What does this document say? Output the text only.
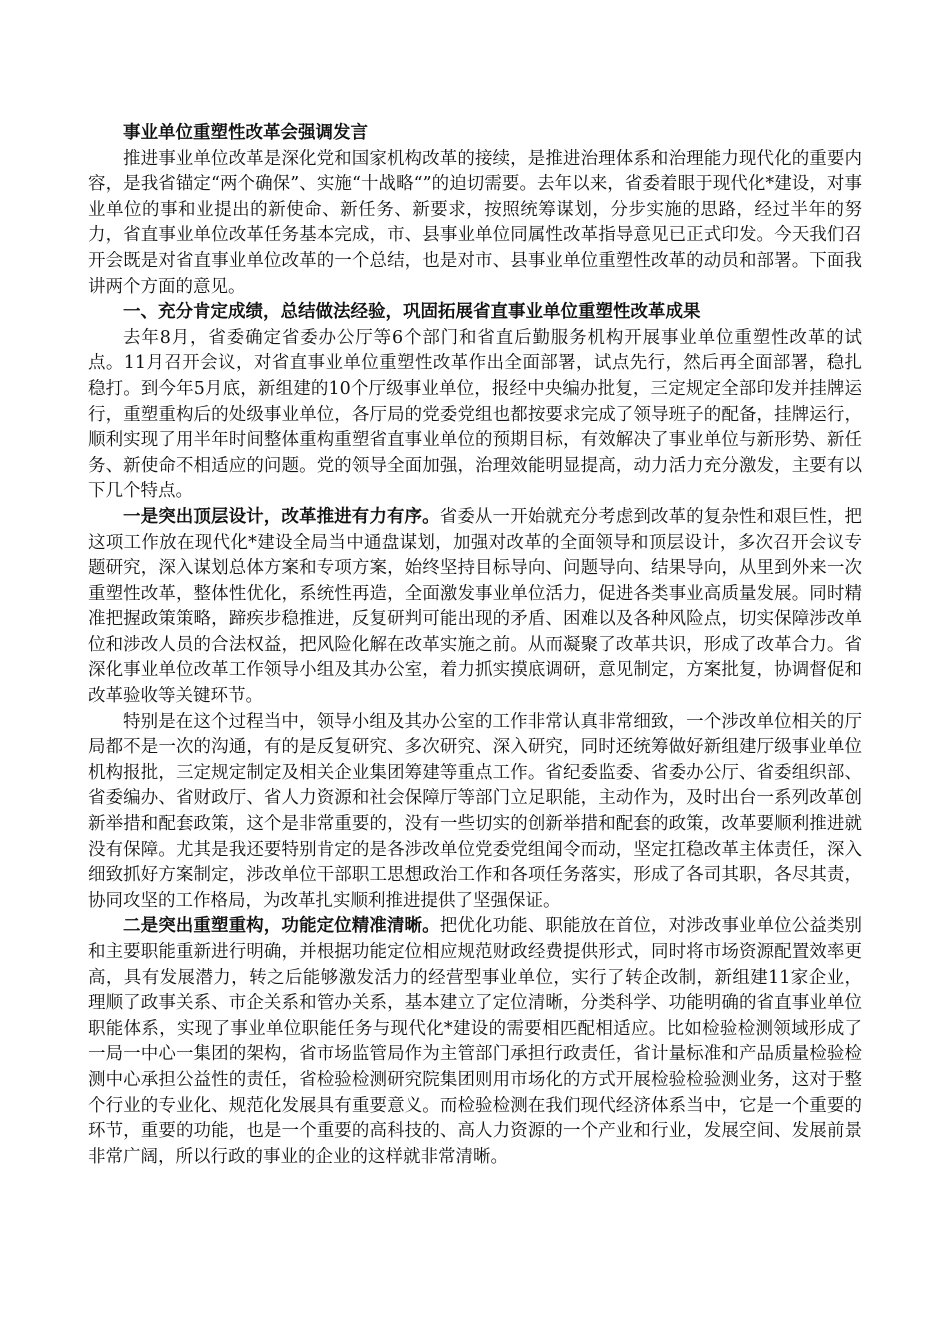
事业单位重塑性改革会强调发言

推进事业单位改革是深化党和国家机构改革的接续，是推进治理体系和治理能力现代化的重要内容，是我省锚定“两个确保”、实施“十战略“”的迫切需要。去年以来，省委着眼于现代化*建设，对事业单位的事和业提出的新使命、新任务、新要求，按照统筹谋划，分步实施的思路，经过半年的努力，省直事业单位改革任务基本完成，市、县事业单位同属性改革指导意见已正式印发。今天我们召开会既是对省直事业单位改革的一个总结，也是对市、县事业单位重塑性改革的动员和部署。下面我讲两个方面的意见。

一、充分肯定成绩，总结做法经验，巩固拓展省直事业单位重塑性改革成果

去年8月，省委确定省委办公厅等6个部门和省直后勤服务机构开展事业单位重塑性改革的试点。11月召开会议，对省直事业单位重塑性改革作出全面部署，试点先行，然后再全面部署，稳扎稳打。到今年5月底，新组建的10个厅级事业单位，报经中央编办批复，三定规定全部印发并挂牌运行，重塑重构后的处级事业单位，各厅局的党委党组也都按要求完成了领导班子的配备，挂牌运行，顺利实现了用半年时间整体重构重塑省直事业单位的预期目标，有效解决了事业单位与新形势、新任务、新使命不相适应的问题。党的领导全面加强，治理效能明显提高，动力活力充分激发，主要有以下几个特点。

一是突出顶层设计，改革推进有力有序。省委从一开始就充分考虑到改革的复杂性和艰巨性，把这项工作放在现代化*建设全局当中通盘谋划，加强对改革的全面领导和顶层设计，多次召开会议专题研究，深入谋划总体方案和专项方案，始终坚持目标导向、问题导向、结果导向，从里到外来一次重塑性改革，整体性优化，系统性再造，全面激发事业单位活力，促进各类事业高质量发展。同时精准把握政策策略，蹄疾步稳推进，反复研判可能出现的矛盾、困难以及各种风险点，切实保障涉改单位和涉改人员的合法权益，把风险化解在改革实施之前。从而凝聚了改革共识，形成了改革合力。省深化事业单位改革工作领导小组及其办公室，着力抓实摸底调研，意见制定，方案批复，协调督促和改革验收等关键环节。

特别是在这个过程当中，领导小组及其办公室的工作非常认真非常细致，一个涉改单位相关的厅局都不是一次的沟通，有的是反复研究、多次研究、深入研究，同时还统筹做好新组建厅级事业单位机构报批，三定规定制定及相关企业集团筹建等重点工作。省纪委监委、省委办公厅、省委组织部、省委编办、省财政厅、省人力资源和社会保障厅等部门立足职能，主动作为，及时出台一系列改革创新举措和配套政策，这个是非常重要的，没有一些切实的创新举措和配套的政策，改革要顺利推进就没有保障。尤其是我还要特别肯定的是各涉改单位党委党组闻令而动，坚定扛稳改革主体责任，深入细致抓好方案制定，涉改单位干部职工思想政治工作和各项任务落实，形成了各司其职，各尽其责，协同攻坚的工作格局，为改革扎实顺利推进提供了坚强保证。

二是突出重塑重构，功能定位精准清晰。把优化功能、职能放在首位，对涉改事业单位公益类别和主要职能重新进行明确，并根据功能定位相应规范财政经费提供形式，同时将市场资源配置效率更高，具有发展潜力，转之后能够激发活力的经营型事业单位，实行了转企改制，新组建11家企业，理顺了政事关系、市企关系和管办关系，基本建立了定位清晰，分类科学、功能明确的省直事业单位职能体系，实现了事业单位职能任务与现代化*建设的需要相匹配相适应。比如检验检测领域形成了一局一中心一集团的架构，省市场监管局作为主管部门承担行政责任，省计量标准和产品质量检验检测中心承担公益性的责任，省检验检测研究院集团则用市场化的方式开展检验检验测业务，这对于整个行业的专业化、规范化发展具有重要意义。而检验检测在我们现代经济体系当中，它是一个重要的环节，重要的功能，也是一个重要的高科技的、高人力资源的一个产业和行业，发展空间、发展前景非常广阔，所以行政的事业的企业的这样就非常清晰。
